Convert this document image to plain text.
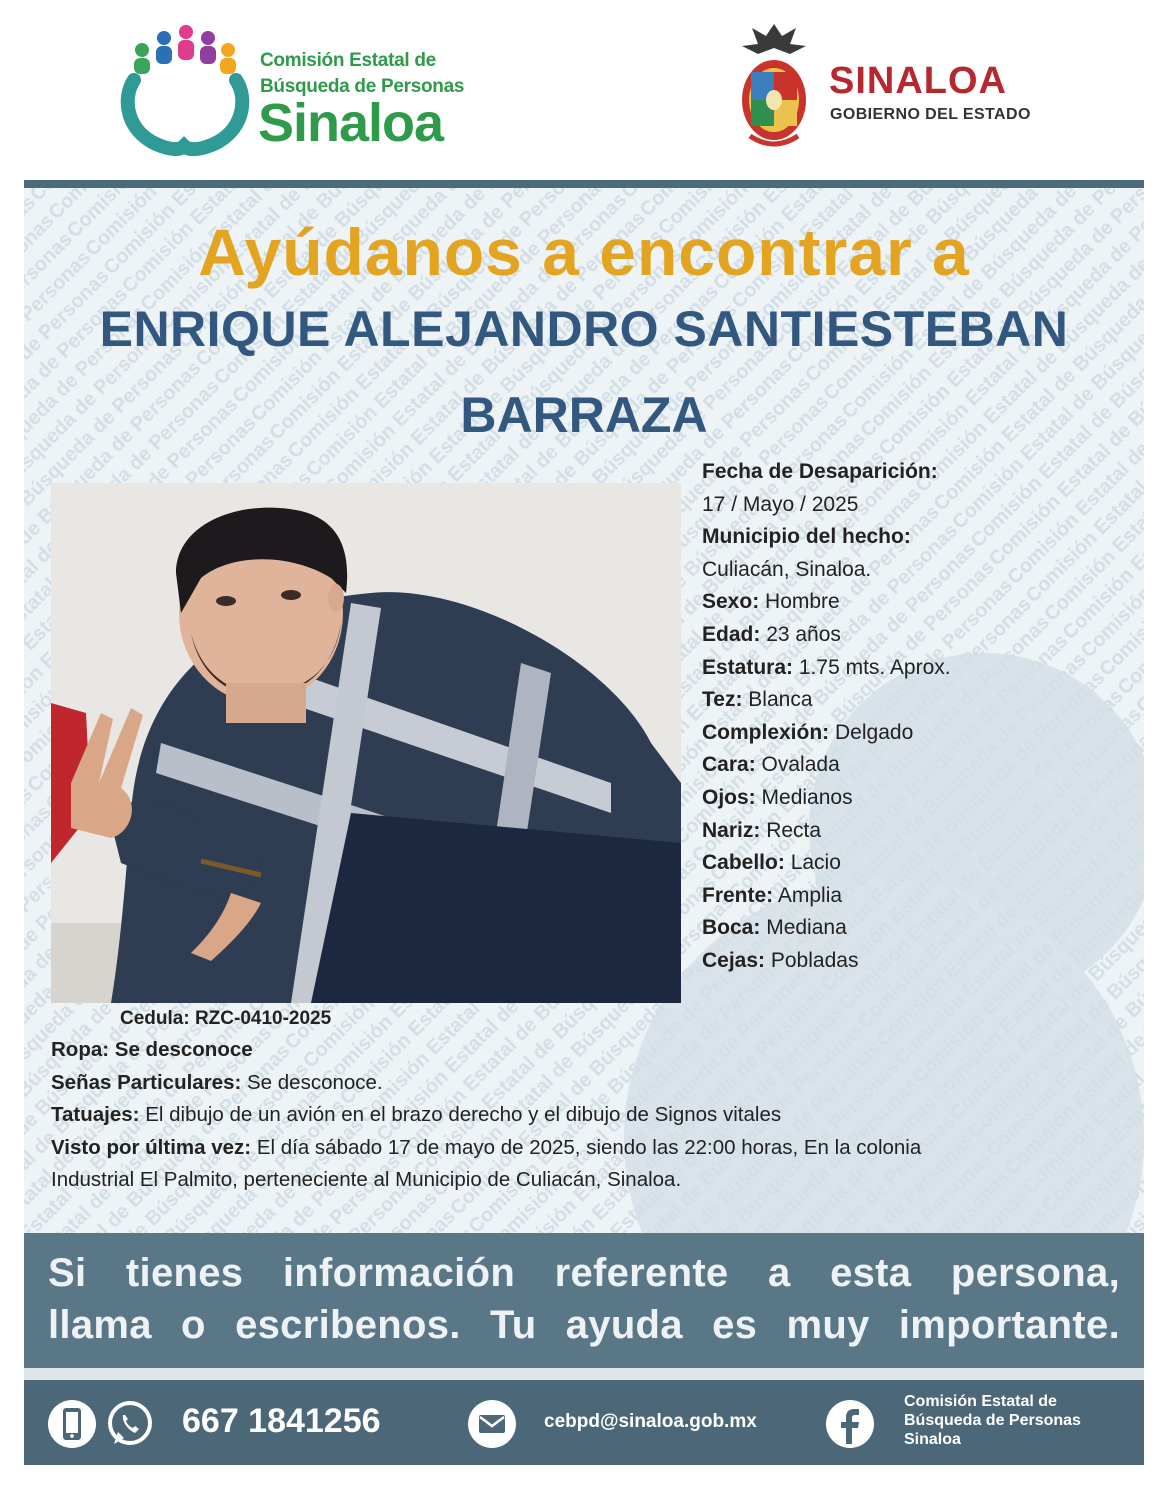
Comisión Estatal de
Búsqueda de Personas
Sinaloa
SINALOA
GOBIERNO DEL ESTADO
Ayúdanos a encontrar a
ENRIQUE ALEJANDRO SANTIESTEBAN
BARRAZA
Fecha de Desaparición:
17 / Mayo / 2025
Municipio del hecho:
Culiacán, Sinaloa.
Sexo: Hombre
Edad: 23 años
Estatura: 1.75 mts. Aprox.
Tez: Blanca
Complexión: Delgado
Cara: Ovalada
Ojos: Medianos
Nariz: Recta
Cabello: Lacio
Frente: Amplia
Boca: Mediana
Cejas: Pobladas
Cedula: RZC-0410-2025
Ropa: Se desconoce
Señas Particulares: Se desconoce.
Tatuajes: El dibujo de un avión en el brazo derecho y el dibujo de Signos vitales
Visto por última vez: El día sábado 17 de mayo de 2025, siendo las 22:00 horas, En la colonia
Industrial El Palmito, perteneciente al Municipio de Culiacán, Sinaloa.
Si tienes información referente a esta persona,
llama o escribenos. Tu ayuda es muy importante.
667 1841256	cebpd@sinaloa.gob.mx
Comisión Estatal de
Búsqueda de Personas
Sinaloa
